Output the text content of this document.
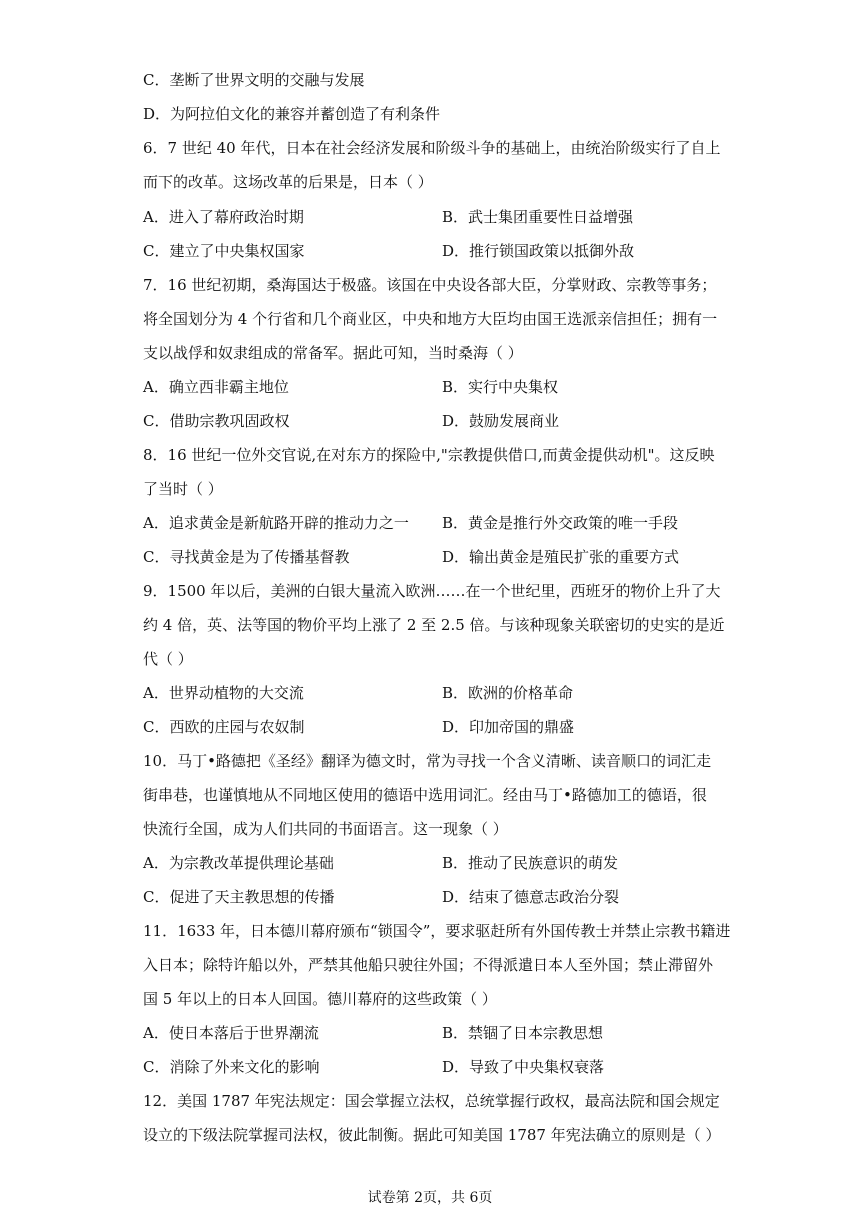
C．垄断了世界文明的交融与发展
D．为阿拉伯文化的兼容并蓄创造了有利条件
6．7 世纪 40 年代，日本在社会经济发展和阶级斗争的基础上，由统治阶级实行了自上
而下的改革。这场改革的后果是，日本（ ）
A．进入了幕府政治时期	B．武士集团重要性日益增强
C．建立了中央集权国家	D．推行锁国政策以抵御外敌
7．16 世纪初期，桑海国达于极盛。该国在中央设各部大臣，分掌财政、宗教等事务；
将全国划分为 4 个行省和几个商业区，中央和地方大臣均由国王选派亲信担任；拥有一
支以战俘和奴隶组成的常备军。据此可知，当时桑海（ ）
A．确立西非霸主地位	B．实行中央集权
C．借助宗教巩固政权	D．鼓励发展商业
8．16 世纪一位外交官说,在对东方的探险中,"宗教提供借口,而黄金提供动机"。这反映
了当时（ ）
A．追求黄金是新航路开辟的推动力之一 B．黄金是推行外交政策的唯一手段
C．寻找黄金是为了传播基督教	D．输出黄金是殖民扩张的重要方式
9．1500 年以后，美洲的白银大量流入欧洲……在一个世纪里，西班牙的物价上升了大
约 4 倍，英、法等国的物价平均上涨了 2 至 2.5 倍。与该种现象关联密切的史实的是近
代（ ）
A．世界动植物的大交流	B．欧洲的价格革命
C．西欧的庄园与农奴制	D．印加帝国的鼎盛
10．马丁•路德把《圣经》翻译为德文时，常为寻找一个含义清晰、读音顺口的词汇走
街串巷，也谨慎地从不同地区使用的德语中选用词汇。经由马丁•路德加工的德语，很
快流行全国，成为人们共同的书面语言。这一现象（ ）
A．为宗教改革提供理论基础	B．推动了民族意识的萌发
C．促进了天主教思想的传播	D．结束了德意志政治分裂
11．1633 年，日本德川幕府颁布“锁国令”，要求驱赶所有外国传教士并禁止宗教书籍进
入日本；除特许船以外，严禁其他船只驶往外国；不得派遣日本人至外国；禁止滞留外
国 5 年以上的日本人回国。德川幕府的这些政策（ ）
A．使日本落后于世界潮流	B．禁锢了日本宗教思想
C．消除了外来文化的影响	D．导致了中央集权衰落
12．美国 1787 年宪法规定：国会掌握立法权，总统掌握行政权，最高法院和国会规定
设立的下级法院掌握司法权，彼此制衡。据此可知美国 1787 年宪法确立的原则是（ ）
试卷第 2页，共 6页
